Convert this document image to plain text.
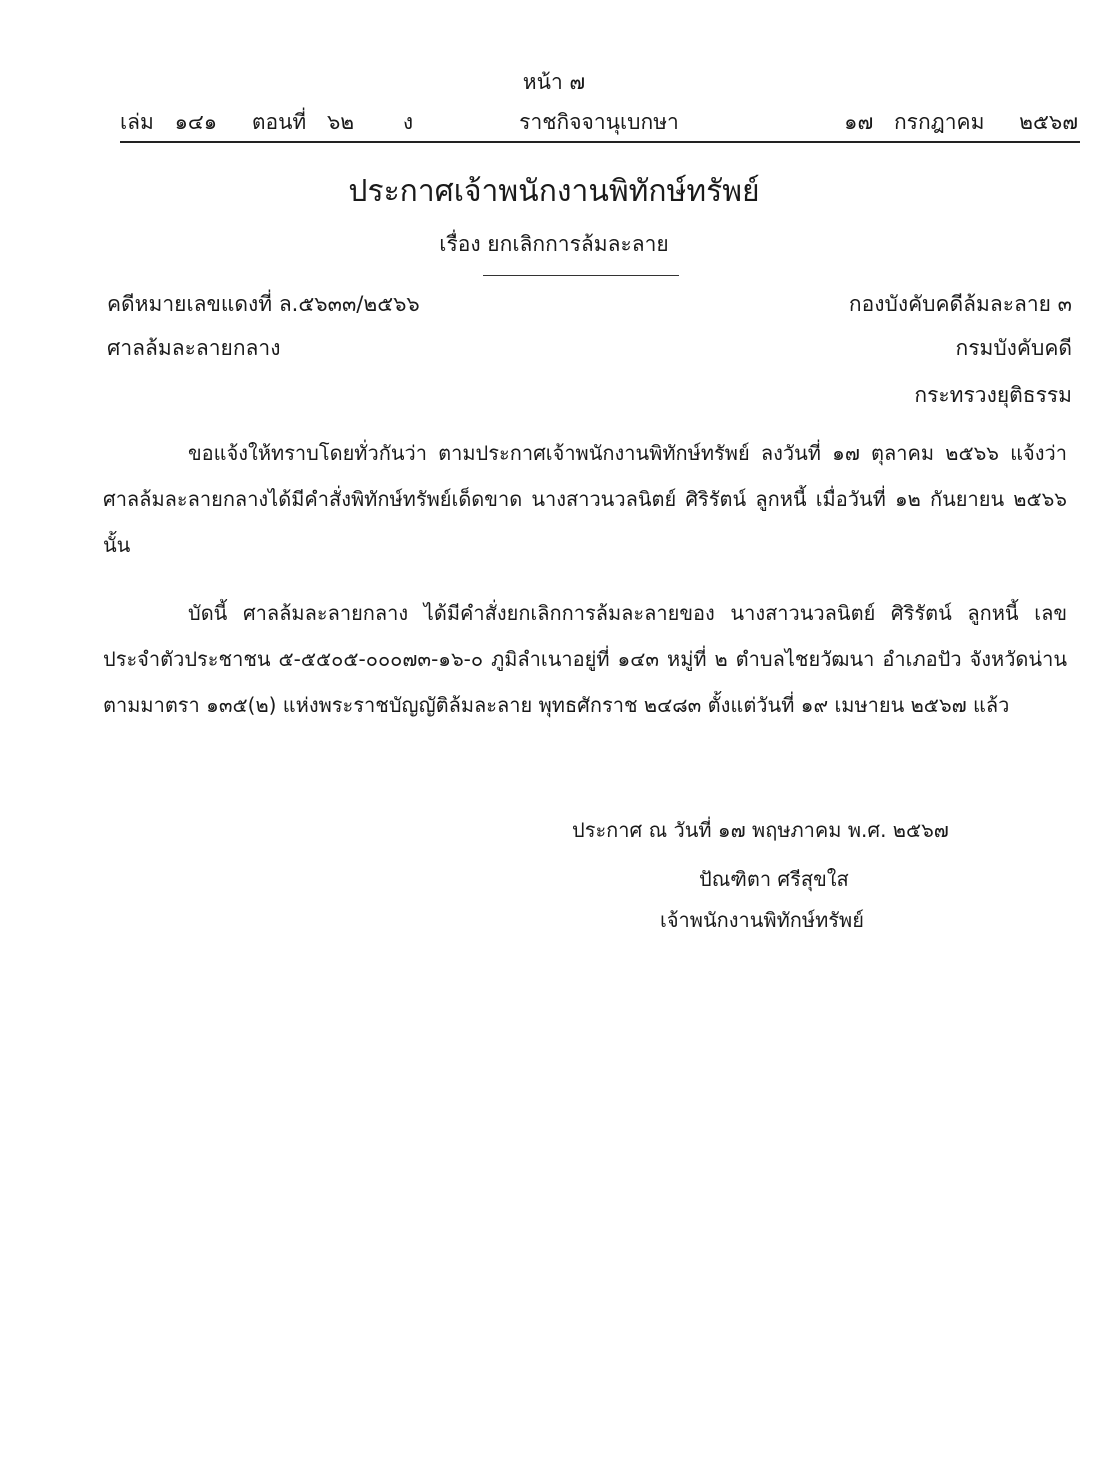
หน้า ๗
เล่ม ๑๔๑ ตอนที่ ๖๒ ง	ราชกิจจานุเบกษา	๑๗ กรกฎาคม ๒๕๖๗
ประกาศเจ้าพนักงานพิทักษ์ทรัพย์
เรื่อง ยกเลิกการล้มละลาย
คดีหมายเลขแดงที่ ล.๕๖๓๓/๒๕๖๖
ศาลล้มละลายกลาง
กองบังคับคดีล้มละลาย ๓
กรมบังคับคดี
กระทรวงยุติธรรม
ขอแจ้งให้ทราบโดยทั่วกันว่า ตามประกาศเจ้าพนักงานพิทักษ์ทรัพย์ ลงวันที่ ๑๗ ตุลาคม ๒๕๖๖ แจ้งว่าศาลล้มละลายกลางได้มีคำสั่งพิทักษ์ทรัพย์เด็ดขาด นางสาวนวลนิตย์ ศิริรัตน์ ลูกหนี้ เมื่อวันที่ ๑๒ กันยายน ๒๕๖๖ นั้น
บัดนี้ ศาลล้มละลายกลาง ได้มีคำสั่งยกเลิกการล้มละลายของ นางสาวนวลนิตย์ ศิริรัตน์ ลูกหนี้ เลขประจำตัวประชาชน ๕-๕๕๐๕-๐๐๐๗๓-๑๖-๐ ภูมิลำเนาอยู่ที่ ๑๔๓ หมู่ที่ ๒ ตำบลไชยวัฒนา อำเภอปัว จังหวัดน่าน ตามมาตรา ๑๓๕(๒) แห่งพระราชบัญญัติล้มละลาย พุทธศักราช ๒๔๘๓ ตั้งแต่วันที่ ๑๙ เมษายน ๒๕๖๗ แล้ว
ประกาศ ณ วันที่ ๑๗ พฤษภาคม พ.ศ. ๒๕๖๗
ปัณฑิตา ศรีสุขใส
เจ้าพนักงานพิทักษ์ทรัพย์
